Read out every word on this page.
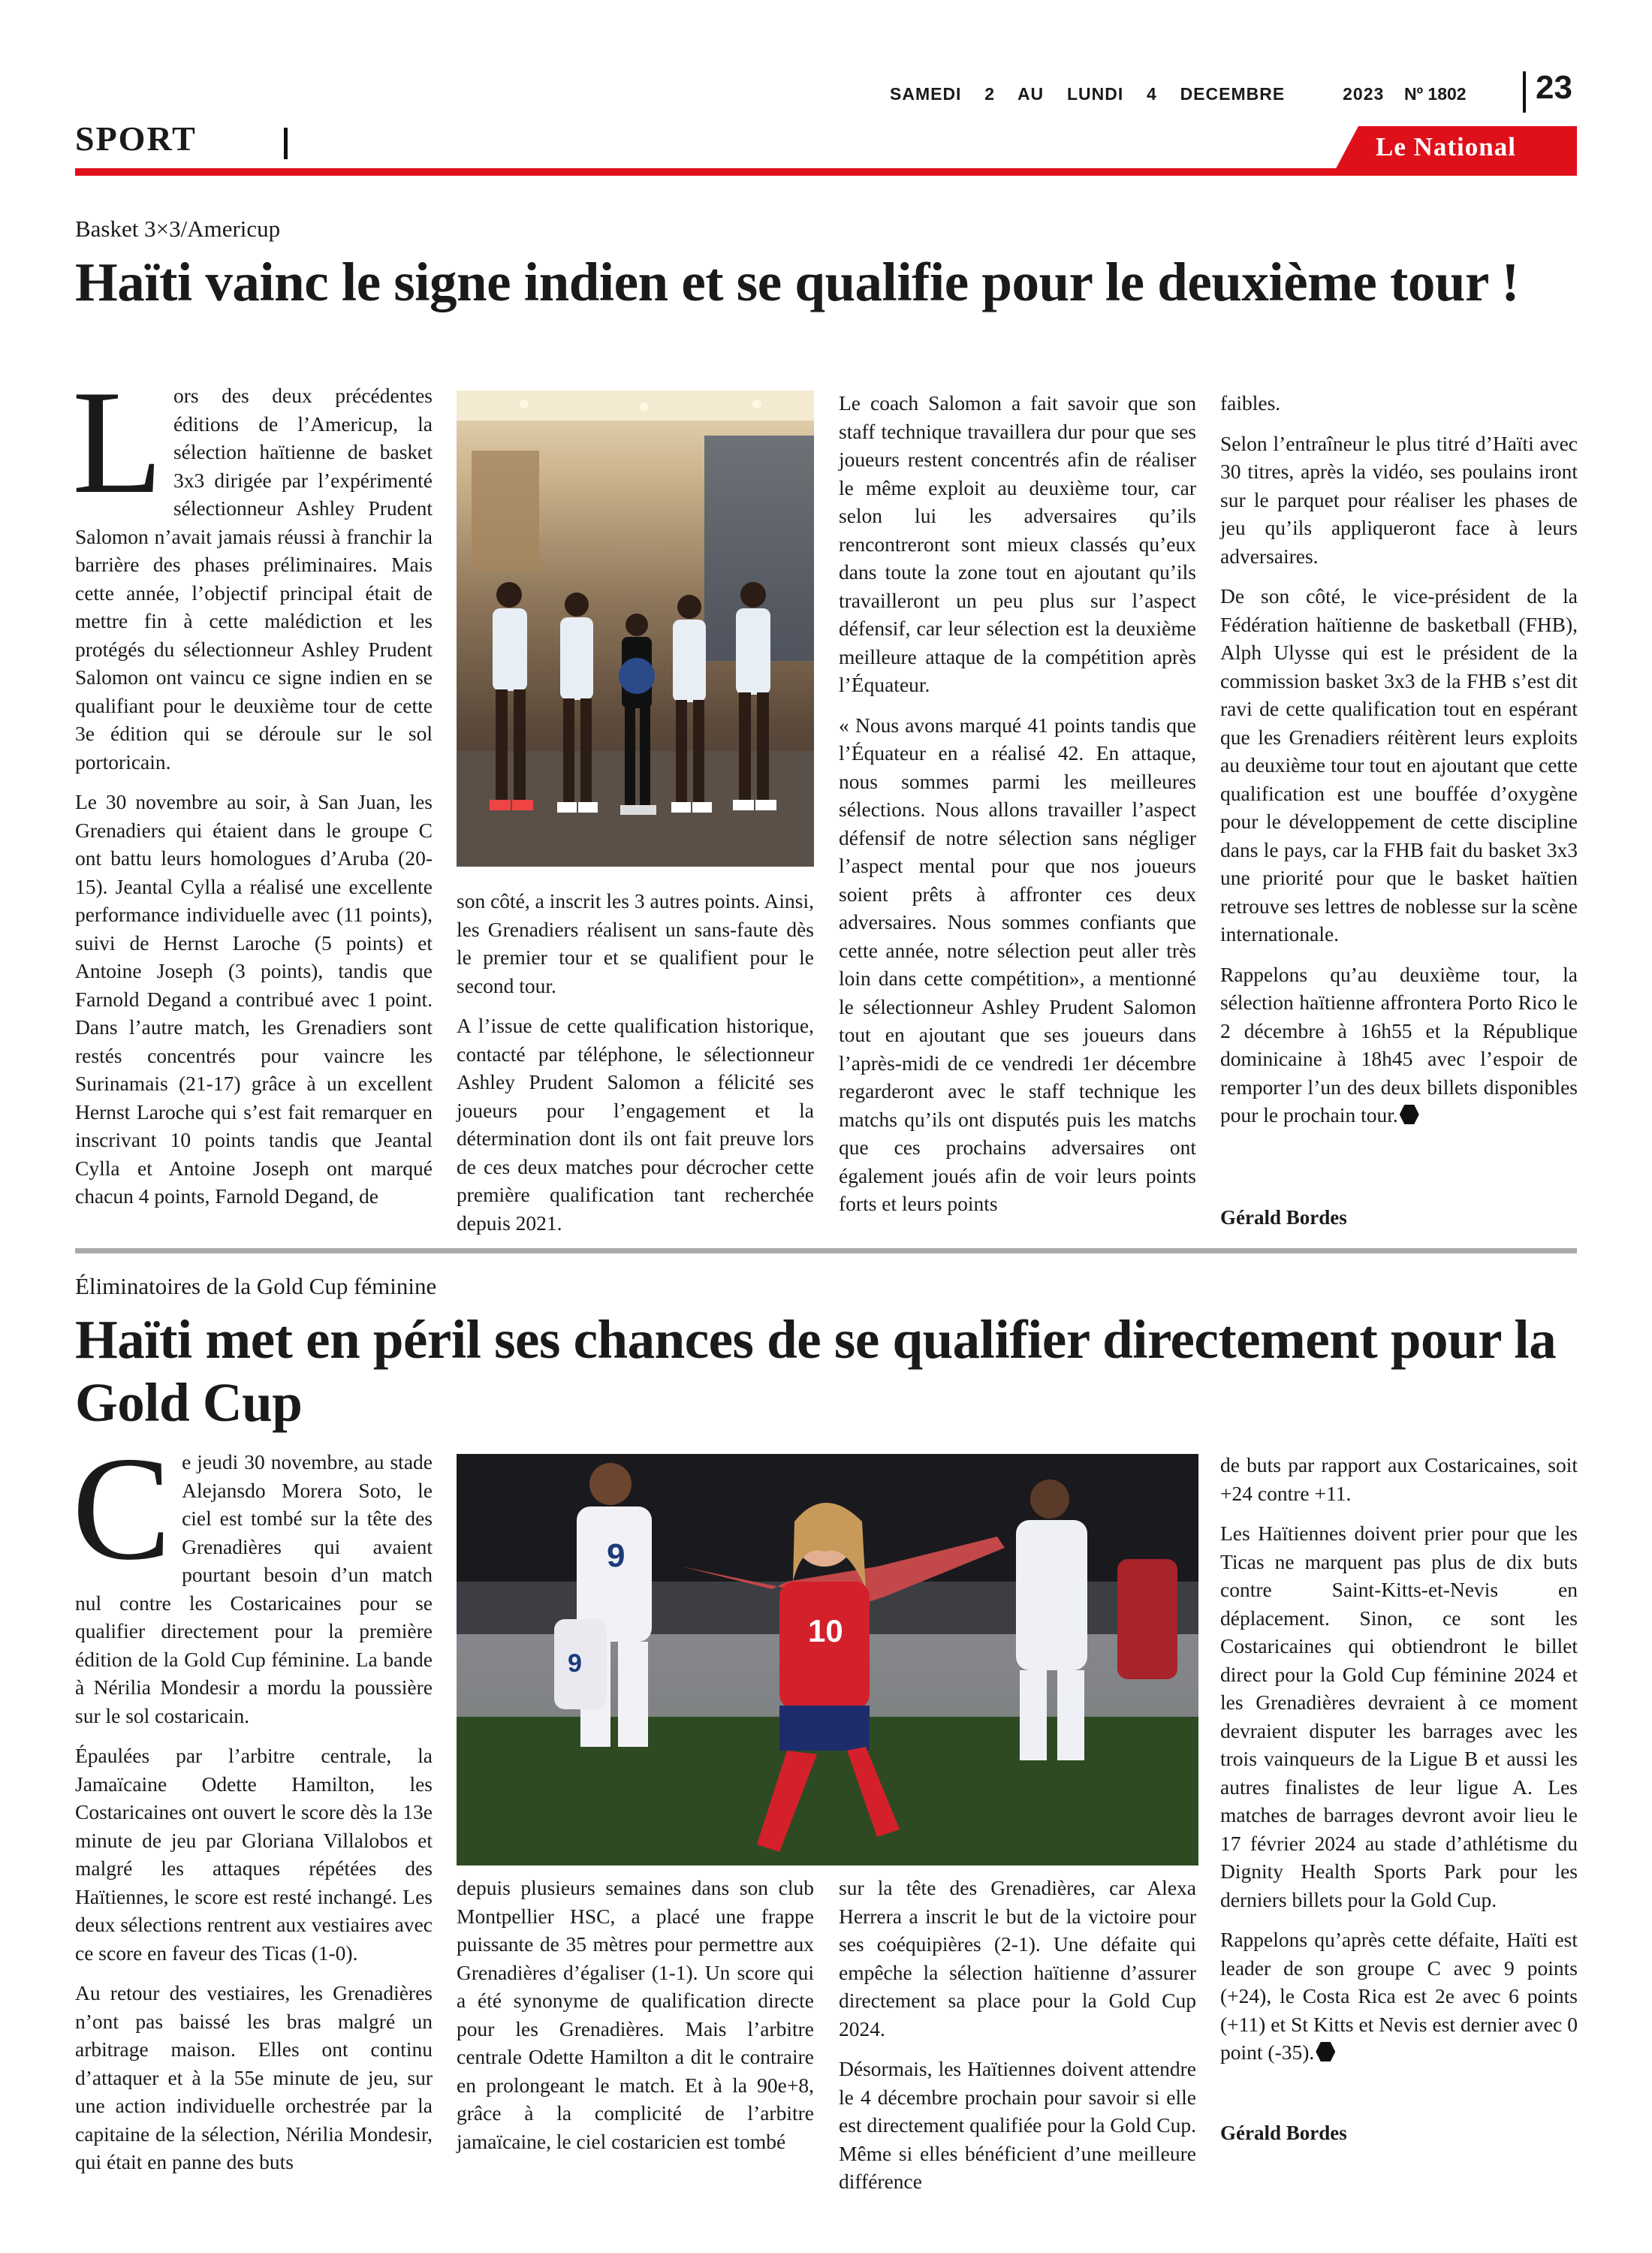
SAMEDI  2  AU  LUNDI  4  DECEMBRE     2023 Nº 1802 23
SPORT	Le National
Basket 3×3/Americup
Haïti vainc le signe indien et se qualifie pour le deuxième tour !

Lors des deux précédentes éditions de l’Americup, la sélection haïtienne de basket 3x3 dirigée par l’expérimenté sélectionneur Ashley Prudent Salomon n’avait jamais réussi à franchir la barrière des phases préliminaires. Mais cette année, l’objectif principal était de mettre fin à cette malédiction et les protégés du sélectionneur Ashley Prudent Salomon ont vaincu ce signe indien en se qualifiant pour le deuxième tour de cette 3e édition qui se déroule sur le sol portoricain.

Le 30 novembre au soir, à San Juan, les Grenadiers qui étaient dans le groupe C ont battu leurs homologues d’Aruba (20-15). Jeantal Cylla a réalisé une excellente performance individuelle avec (11 points), suivi de Hernst Laroche (5 points) et Antoine Joseph (3 points), tandis que Farnold Degand a contribué avec 1 point. Dans l’autre match, les Grenadiers sont restés concentrés pour vaincre les Surinamais (21-17) grâce à un excellent Hernst Laroche qui s’est fait remarquer en inscrivant 10 points tandis que Jeantal Cylla et Antoine Joseph ont marqué chacun 4 points, Farnold Degand, de

son côté, a inscrit les 3 autres points. Ainsi, les Grenadiers réalisent un sans-faute dès le premier tour et se qualifient pour le second tour.

A l’issue de cette qualification historique, contacté par téléphone, le sélectionneur Ashley Prudent Salomon a félicité ses joueurs pour l’engagement et la détermination dont ils ont fait preuve lors de ces deux matches pour décrocher cette première qualification tant recherchée depuis 2021.

Le coach Salomon a fait savoir que son staff technique travaillera dur pour que ses joueurs restent concentrés afin de réaliser le même exploit au deuxième tour, car selon lui les adversaires qu’ils rencontreront sont mieux classés qu’eux dans toute la zone tout en ajoutant qu’ils travailleront un peu plus sur l’aspect défensif, car leur sélection est la deuxième meilleure attaque de la compétition après l’Équateur.

« Nous avons marqué 41 points tandis que l’Équateur en a réalisé 42. En attaque, nous sommes parmi les meilleures sélections. Nous allons travailler l’aspect défensif de notre sélection sans négliger l’aspect mental pour que nos joueurs soient prêts à affronter ces deux adversaires. Nous sommes confiants que cette année, notre sélection peut aller très loin dans cette compétition», a mentionné le sélectionneur Ashley Prudent Salomon tout en ajoutant que ses joueurs dans l’après-midi de ce vendredi 1er décembre regarderont avec le staff technique les matchs qu’ils ont disputés puis les matchs que ces prochains adversaires ont également joués afin de voir leurs points forts et leurs points

faibles.

Selon l’entraîneur le plus titré d’Haïti avec 30 titres, après la vidéo, ses poulains iront sur le parquet pour réaliser les phases de jeu qu’ils appliqueront face à leurs adversaires.

De son côté, le vice-président de la Fédération haïtienne de basketball (FHB), Alph Ulysse qui est le président de la commission basket 3x3 de la FHB s’est dit ravi de cette qualification tout en espérant que les Grenadiers réitèrent leurs exploits au deuxième tour tout en ajoutant que cette qualification est une bouffée d’oxygène pour le développement de cette discipline dans le pays, car la FHB fait du basket 3x3 une priorité pour que le basket haïtien retrouve ses lettres de noblesse sur la scène internationale.

Rappelons qu’au deuxième tour, la sélection haïtienne affrontera Porto Rico le 2 décembre à 16h55 et la République dominicaine à 18h45 avec l’espoir de remporter l’un des deux billets disponibles pour le prochain tour.

Gérald Bordes
Éliminatoires de la Gold Cup féminine
Haïti met en péril ses chances de se qualifier directement pour la Gold Cup

Ce jeudi 30 novembre, au stade Alejansdo Morera Soto, le ciel est tombé sur la tête des Grenadières qui avaient pourtant besoin d’un match nul contre les Costaricaines pour se qualifier directement pour la première édition de la Gold Cup féminine. La bande à Nérilia Mondesir a mordu la poussière sur le sol costaricain.

Épaulées par l’arbitre centrale, la Jamaïcaine Odette Hamilton, les Costaricaines ont ouvert le score dès la 13e minute de jeu par Gloriana Villalobos et malgré les attaques répétées des Haïtiennes, le score est resté inchangé. Les deux sélections rentrent aux vestiaires avec ce score en faveur des Ticas (1-0).

Au retour des vestiaires, les Grenadières n’ont pas baissé les bras malgré un arbitrage maison. Elles ont continu d’attaquer et à la 55e minute de jeu, sur une action individuelle orchestrée par la capitaine de la sélection, Nérilia Mondesir, qui était en panne des buts

9
9
10

depuis plusieurs semaines dans son club Montpellier HSC, a placé une frappe puissante de 35 mètres pour permettre aux Grenadières d’égaliser (1-1). Un score qui a été synonyme de qualification directe pour les Grenadières. Mais l’arbitre centrale Odette Hamilton a dit le contraire en prolongeant le match. Et à la 90e+8, grâce à la complicité de l’arbitre jamaïcaine, le ciel costaricien est tombé

sur la tête des Grenadières, car Alexa Herrera a inscrit le but de la victoire pour ses coéquipières (2-1). Une défaite qui empêche la sélection haïtienne d’assurer directement sa place pour la Gold Cup 2024.

Désormais, les Haïtiennes doivent attendre le 4 décembre prochain pour savoir si elle est directement qualifiée pour la Gold Cup. Même si elles bénéficient d’une meilleure différence

de buts par rapport aux Costaricaines, soit +24 contre +11.

Les Haïtiennes doivent prier pour que les Ticas ne marquent pas plus de dix buts contre Saint-Kitts-et-Nevis en déplacement. Sinon, ce sont les Costaricaines qui obtiendront le billet direct pour la Gold Cup féminine 2024 et les Grenadières devraient à ce moment devraient disputer les barrages avec les trois vainqueurs de la Ligue B et aussi les autres finalistes de leur ligue A. Les matches de barrages devront avoir lieu le 17 février 2024 au stade d’athlétisme du Dignity Health Sports Park pour les derniers billets pour la Gold Cup.

Rappelons qu’après cette défaite, Haïti est leader de son groupe C avec 9 points (+24), le Costa Rica est 2e avec 6 points (+11) et St Kitts et Nevis est dernier avec 0 point (-35).

Gérald Bordes
